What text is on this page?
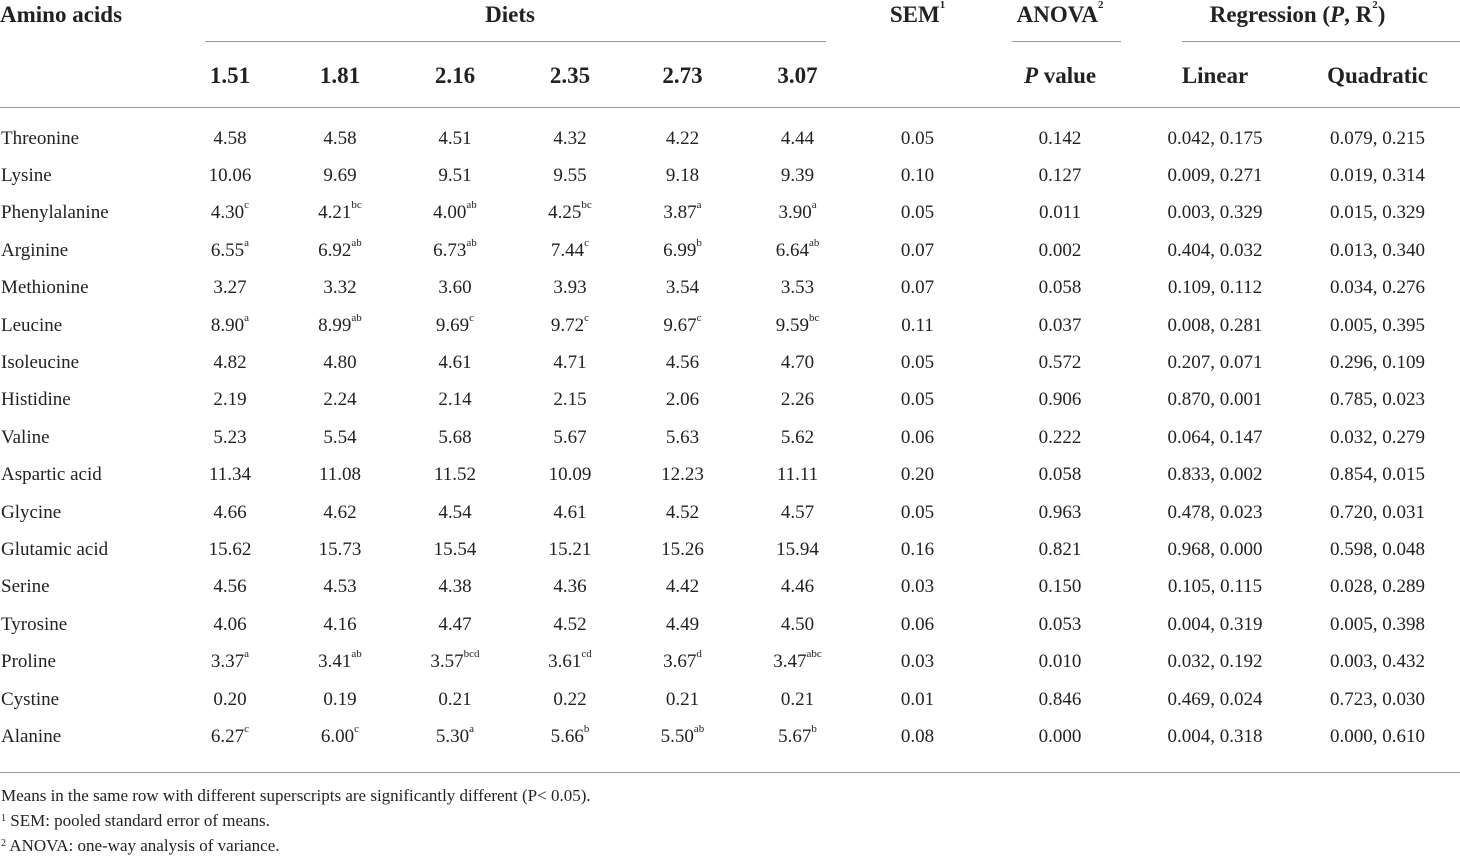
Amino acids	Diets						SEM$^1$	ANOVA$^2$	Regression (P, $R^2$)	
	1.51	1.81	2.16	2.35	2.73	3.07		P value	Linear	Quadratic
Threonine	4.58	4.58	4.51	4.32	4.22	4.44	0.05	0.142	0.042, 0.175	0.079, 0.215
Lysine	10.06	9.69	9.51	9.55	9.18	9.39	0.10	0.127	0.009, 0.271	0.019, 0.314
Phenylalanine	4.30$^c$	4.21$^{bc}$	4.00$^{ab}$	4.25$^{bc}$	3.87$^a$	3.90$^a$	0.05	0.011	0.003, 0.329	0.015, 0.329
Arginine	6.55$^a$	6.92$^{ab}$	6.73$^{ab}$	7.44$^c$	6.99$^b$	6.64$^{ab}$	0.07	0.002	0.404, 0.032	0.013, 0.340
Methionine	3.27	3.32	3.60	3.93	3.54	3.53	0.07	0.058	0.109, 0.112	0.034, 0.276
Leucine	8.90$^a$	8.99$^{ab}$	9.69$^c$	9.72$^c$	9.67$^c$	9.59$^{bc}$	0.11	0.037	0.008, 0.281	0.005, 0.395
Isoleucine	4.82	4.80	4.61	4.71	4.56	4.70	0.05	0.572	0.207, 0.071	0.296, 0.109
Histidine	2.19	2.24	2.14	2.15	2.06	2.26	0.05	0.906	0.870, 0.001	0.785, 0.023
Valine	5.23	5.54	5.68	5.67	5.63	5.62	0.06	0.222	0.064, 0.147	0.032, 0.279
Aspartic acid	11.34	11.08	11.52	10.09	12.23	11.11	0.20	0.058	0.833, 0.002	0.854, 0.015
Glycine	4.66	4.62	4.54	4.61	4.52	4.57	0.05	0.963	0.478, 0.023	0.720, 0.031
Glutamic acid	15.62	15.73	15.54	15.21	15.26	15.94	0.16	0.821	0.968, 0.000	0.598, 0.048
Serine	4.56	4.53	4.38	4.36	4.42	4.46	0.03	0.150	0.105, 0.115	0.028, 0.289
Tyrosine	4.06	4.16	4.47	4.52	4.49	4.50	0.06	0.053	0.004, 0.319	0.005, 0.398
Proline	3.37$^a$	3.41$^{ab}$	3.57$^{bcd}$	3.61$^{cd}$	3.67$^d$	3.47$^{abc}$	0.03	0.010	0.032, 0.192	0.003, 0.432
Cystine	0.20	0.19	0.21	0.22	0.21	0.21	0.01	0.846	0.469, 0.024	0.723, 0.030
Alanine	6.27$^c$	6.00$^c$	5.30$^a$	5.66$^b$	5.50$^{ab}$	5.67$^b$	0.08	0.000	0.004, 0.318	0.000, 0.610
Means in the same row with different superscripts are significantly different (P< 0.05).
$^1$ SEM: pooled standard error of means.
$^2$ ANOVA: one-way analysis of variance.
